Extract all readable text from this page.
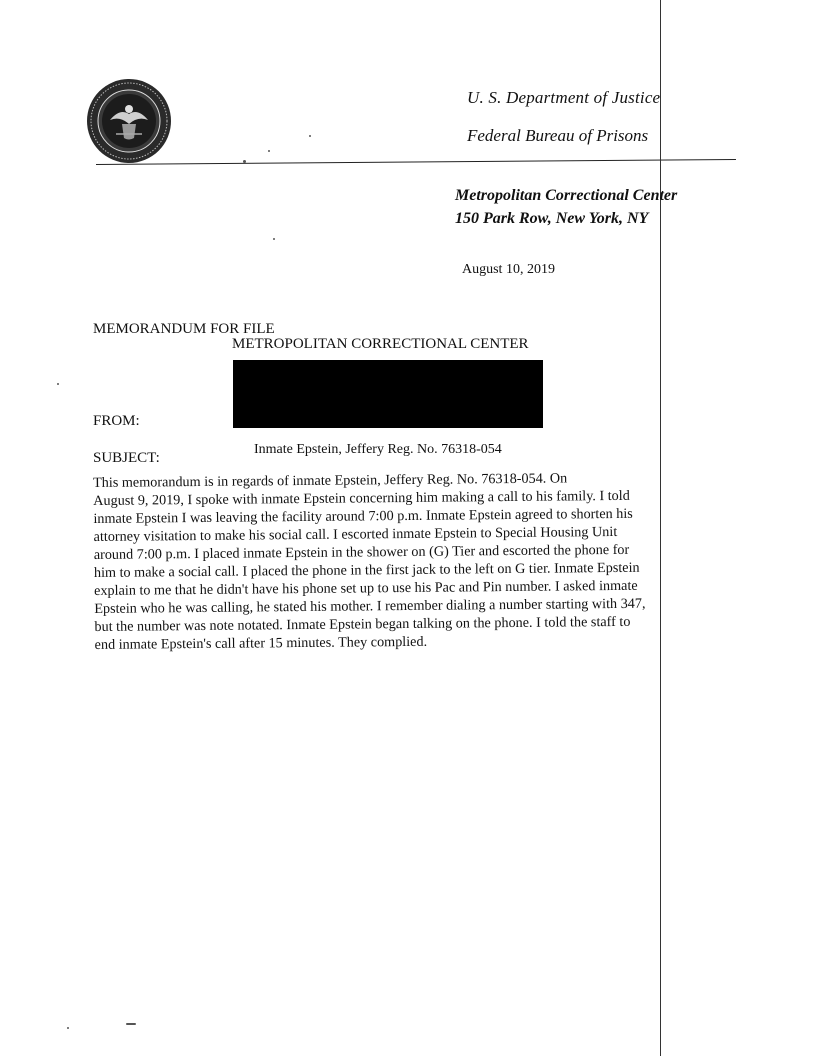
U. S. Department of Justice
Federal Bureau of Prisons
Metropolitan Correctional Center
150 Park Row, New York, NY
August 10, 2019
MEMORANDUM FOR FILE
METROPOLITAN CORRECTIONAL CENTER
FROM:
SUBJECT:
Inmate Epstein, Jeffery Reg. No. 76318-054

This memorandum is in regards of inmate Epstein, Jeffery Reg. No. 76318-054. On

August 9, 2019, I spoke with inmate Epstein concerning him making a call to his family. I told

inmate Epstein I was leaving the facility around 7:00 p.m. Inmate Epstein agreed to shorten his

attorney visitation to make his social call. I escorted inmate Epstein to Special Housing Unit

around 7:00 p.m. I placed inmate Epstein in the shower on (G) Tier and escorted the phone for

him to make a social call. I placed the phone in the first jack to the left on G tier. Inmate Epstein

explain to me that he didn't have his phone set up to use his Pac and Pin number. I asked inmate

Epstein who he was calling, he stated his mother. I remember dialing a number starting with 347,

but the number was note notated. Inmate Epstein began talking on the phone. I told the staff to

end inmate Epstein's call after 15 minutes. They complied.
